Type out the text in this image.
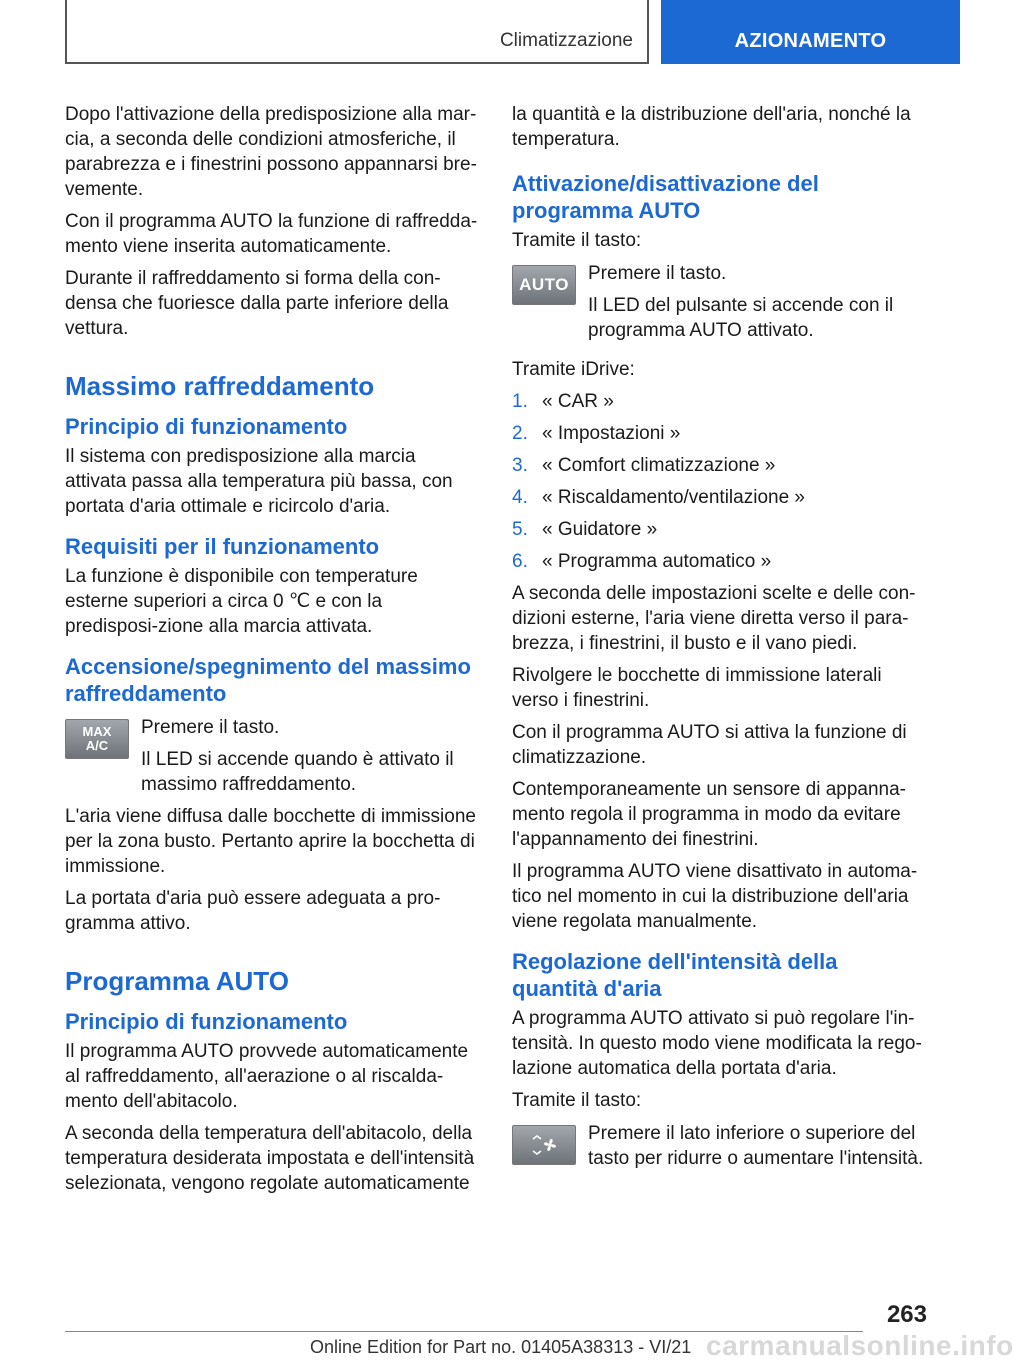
Climatizzazione	AZIONAMENTO

Dopo l'attivazione della predisposizione alla mar-cia, a seconda delle condizioni atmosferiche, il parabrezza e i finestrini possono appannarsi bre-vemente.

Con il programma AUTO la funzione di raffredda-mento viene inserita automaticamente.

Durante il raffreddamento si forma della con-densa che fuoriesce dalla parte inferiore della vettura.

Massimo raffreddamento
Principio di funzionamento

Il sistema con predisposizione alla marcia attivata passa alla temperatura più bassa, con portata d'aria ottimale e ricircolo d'aria.

Requisiti per il funzionamento

La funzione è disponibile con temperature esterne superiori a circa 0 ℃ e con la predisposi-zione alla marcia attivata.

Accensione/spegnimento del massimo raffreddamento
MAX
A/C

Premere il tasto.

Il LED si accende quando è attivato il massimo raffreddamento.

L'aria viene diffusa dalle bocchette di immissione per la zona busto. Pertanto aprire la bocchetta di immissione.

La portata d'aria può essere adeguata a pro-gramma attivo.

Programma AUTO
Principio di funzionamento

Il programma AUTO provvede automaticamente al raffreddamento, all'aerazione o al riscalda-mento dell'abitacolo.

A seconda della temperatura dell'abitacolo, della temperatura desiderata impostata e dell'intensità selezionata, vengono regolate automaticamente

la quantità e la distribuzione dell'aria, nonché la temperatura.

Attivazione/disattivazione del programma AUTO

Tramite il tasto:

AUTO

Premere il tasto.

Il LED del pulsante si accende con il programma AUTO attivato.

Tramite iDrive:

1. « CAR »
2. « Impostazioni »
3. « Comfort climatizzazione »
4. « Riscaldamento/ventilazione »
5. « Guidatore »
6. « Programma automatico »

A seconda delle impostazioni scelte e delle con-dizioni esterne, l'aria viene diretta verso il para-brezza, i finestrini, il busto e il vano piedi.

Rivolgere le bocchette di immissione laterali verso i finestrini.

Con il programma AUTO si attiva la funzione di climatizzazione.

Contemporaneamente un sensore di appanna-mento regola il programma in modo da evitare l'appannamento dei finestrini.

Il programma AUTO viene disattivato in automa-tico nel momento in cui la distribuzione dell'aria viene regolata manualmente.

Regolazione dell'intensità della quantità d'aria

A programma AUTO attivato si può regolare l'in-tensità. In questo modo viene modificata la rego-lazione automatica della portata d'aria.

Tramite il tasto:

Premere il lato inferiore o superiore del tasto per ridurre o aumentare l'intensità.

263
Online Edition for Part no. 01405A38313 - VI/21 carmanualsonline.info
